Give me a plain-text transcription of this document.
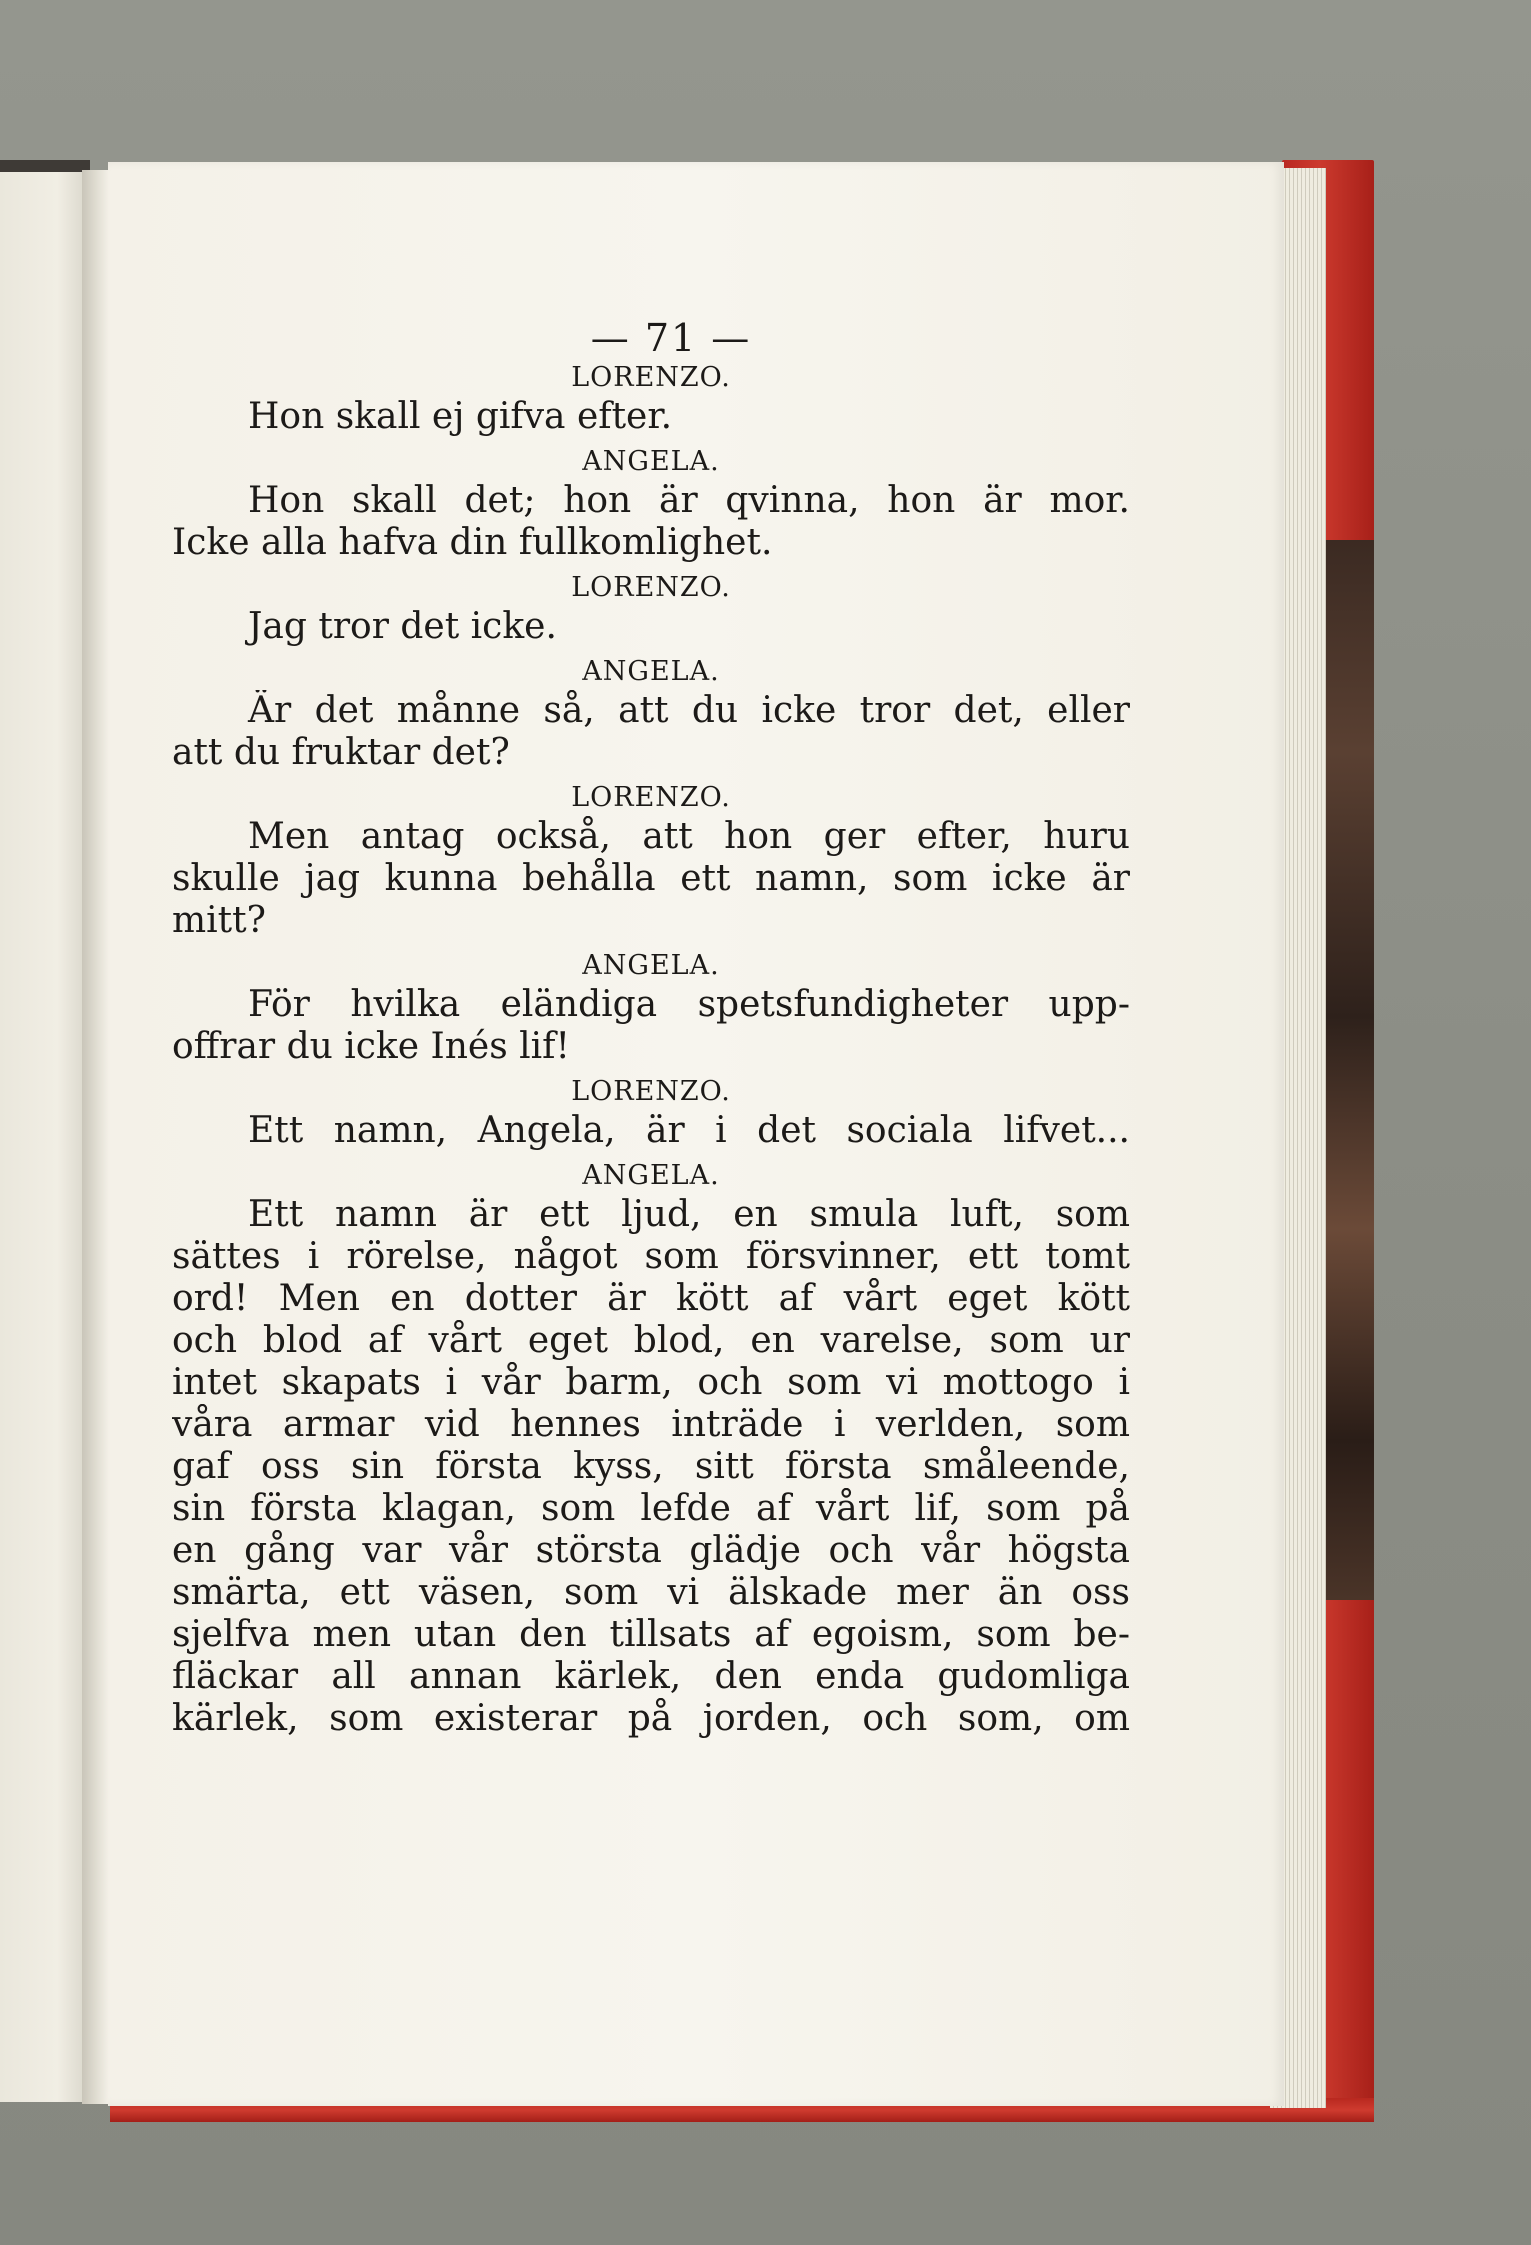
— 71 —
LORENZO.
Hon skall ej gifva efter.
ANGELA.
Hon skall det; hon är qvinna, hon är mor.
Icke alla hafva din fullkomlighet.
LORENZO.
Jag tror det icke.
ANGELA.
Är det månne så, att du icke tror det, eller
att du fruktar det?
LORENZO.
Men antag också, att hon ger efter, huru
skulle jag kunna behålla ett namn, som icke är
mitt?
ANGELA.
För hvilka eländiga spetsfundigheter upp-
offrar du icke Inés lif!
LORENZO.
Ett namn, Angela, är i det sociala lifvet...
ANGELA.
Ett namn är ett ljud, en smula luft, som
sättes i rörelse, något som försvinner, ett tomt
ord! Men en dotter är kött af vårt eget kött
och blod af vårt eget blod, en varelse, som ur
intet skapats i vår barm, och som vi mottogo i
våra armar vid hennes inträde i verlden, som
gaf oss sin första kyss, sitt första småleende,
sin första klagan, som lefde af vårt lif, som på
en gång var vår största glädje och vår högsta
smärta, ett väsen, som vi älskade mer än oss
sjelfva men utan den tillsats af egoism, som be-
fläckar all annan kärlek, den enda gudomliga
kärlek, som existerar på jorden, och som, om
